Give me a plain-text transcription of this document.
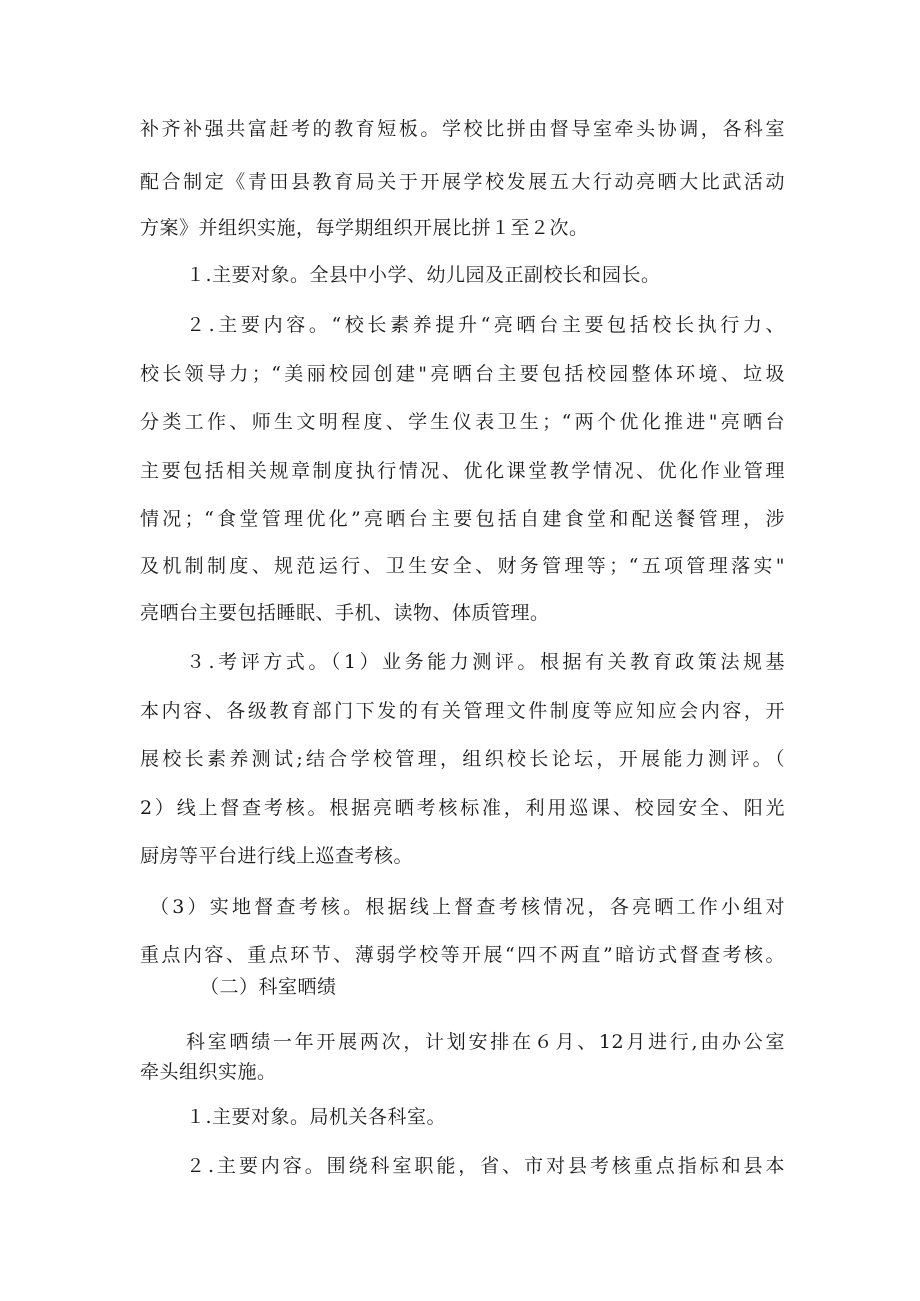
补齐补强共富赶考的教育短板。学校比拼由督导室牵头协调，各科室
配合制定《青田县教育局关于开展学校发展五大行动亮晒大比武活动
方案》并组织实施，每学期组织开展比拼１至２次。
１.主要对象。全县中小学、幼儿园及正副校长和园长。
２.主要内容。“校长素养提升“亮晒台主要包括校长执行力、
校长领导力；“美丽校园创建"亮晒台主要包括校园整体环境、垃圾
分类工作、师生文明程度、学生仪表卫生；“两个优化推进"亮晒台
主要包括相关规章制度执行情况、优化课堂教学情况、优化作业管理
情况；“食堂管理优化”亮晒台主要包括自建食堂和配送餐管理，涉
及机制制度、规范运行、卫生安全、财务管理等；“五项管理落实"
亮晒台主要包括睡眠、手机、读物、体质管理。
３.考评方式。（1）业务能力测评。根据有关教育政策法规基
本内容、各级教育部门下发的有关管理文件制度等应知应会内容，开
展校长素养测试;结合学校管理，组织校长论坛，开展能力测评。（
2）线上督查考核。根据亮晒考核标准，利用巡课、校园安全、阳光
厨房等平台进行线上巡查考核。
（3）实地督查考核。根据线上督查考核情况，各亮晒工作小组对
重点内容、重点环节、薄弱学校等开展“四不两直”暗访式督查考核。
（二）科室晒绩
科室晒绩一年开展两次，计划安排在６月、12月进行,由办公室
牵头组织实施。
１.主要对象。局机关各科室。
２.主要内容。围绕科室职能，省、市对县考核重点指标和县本
